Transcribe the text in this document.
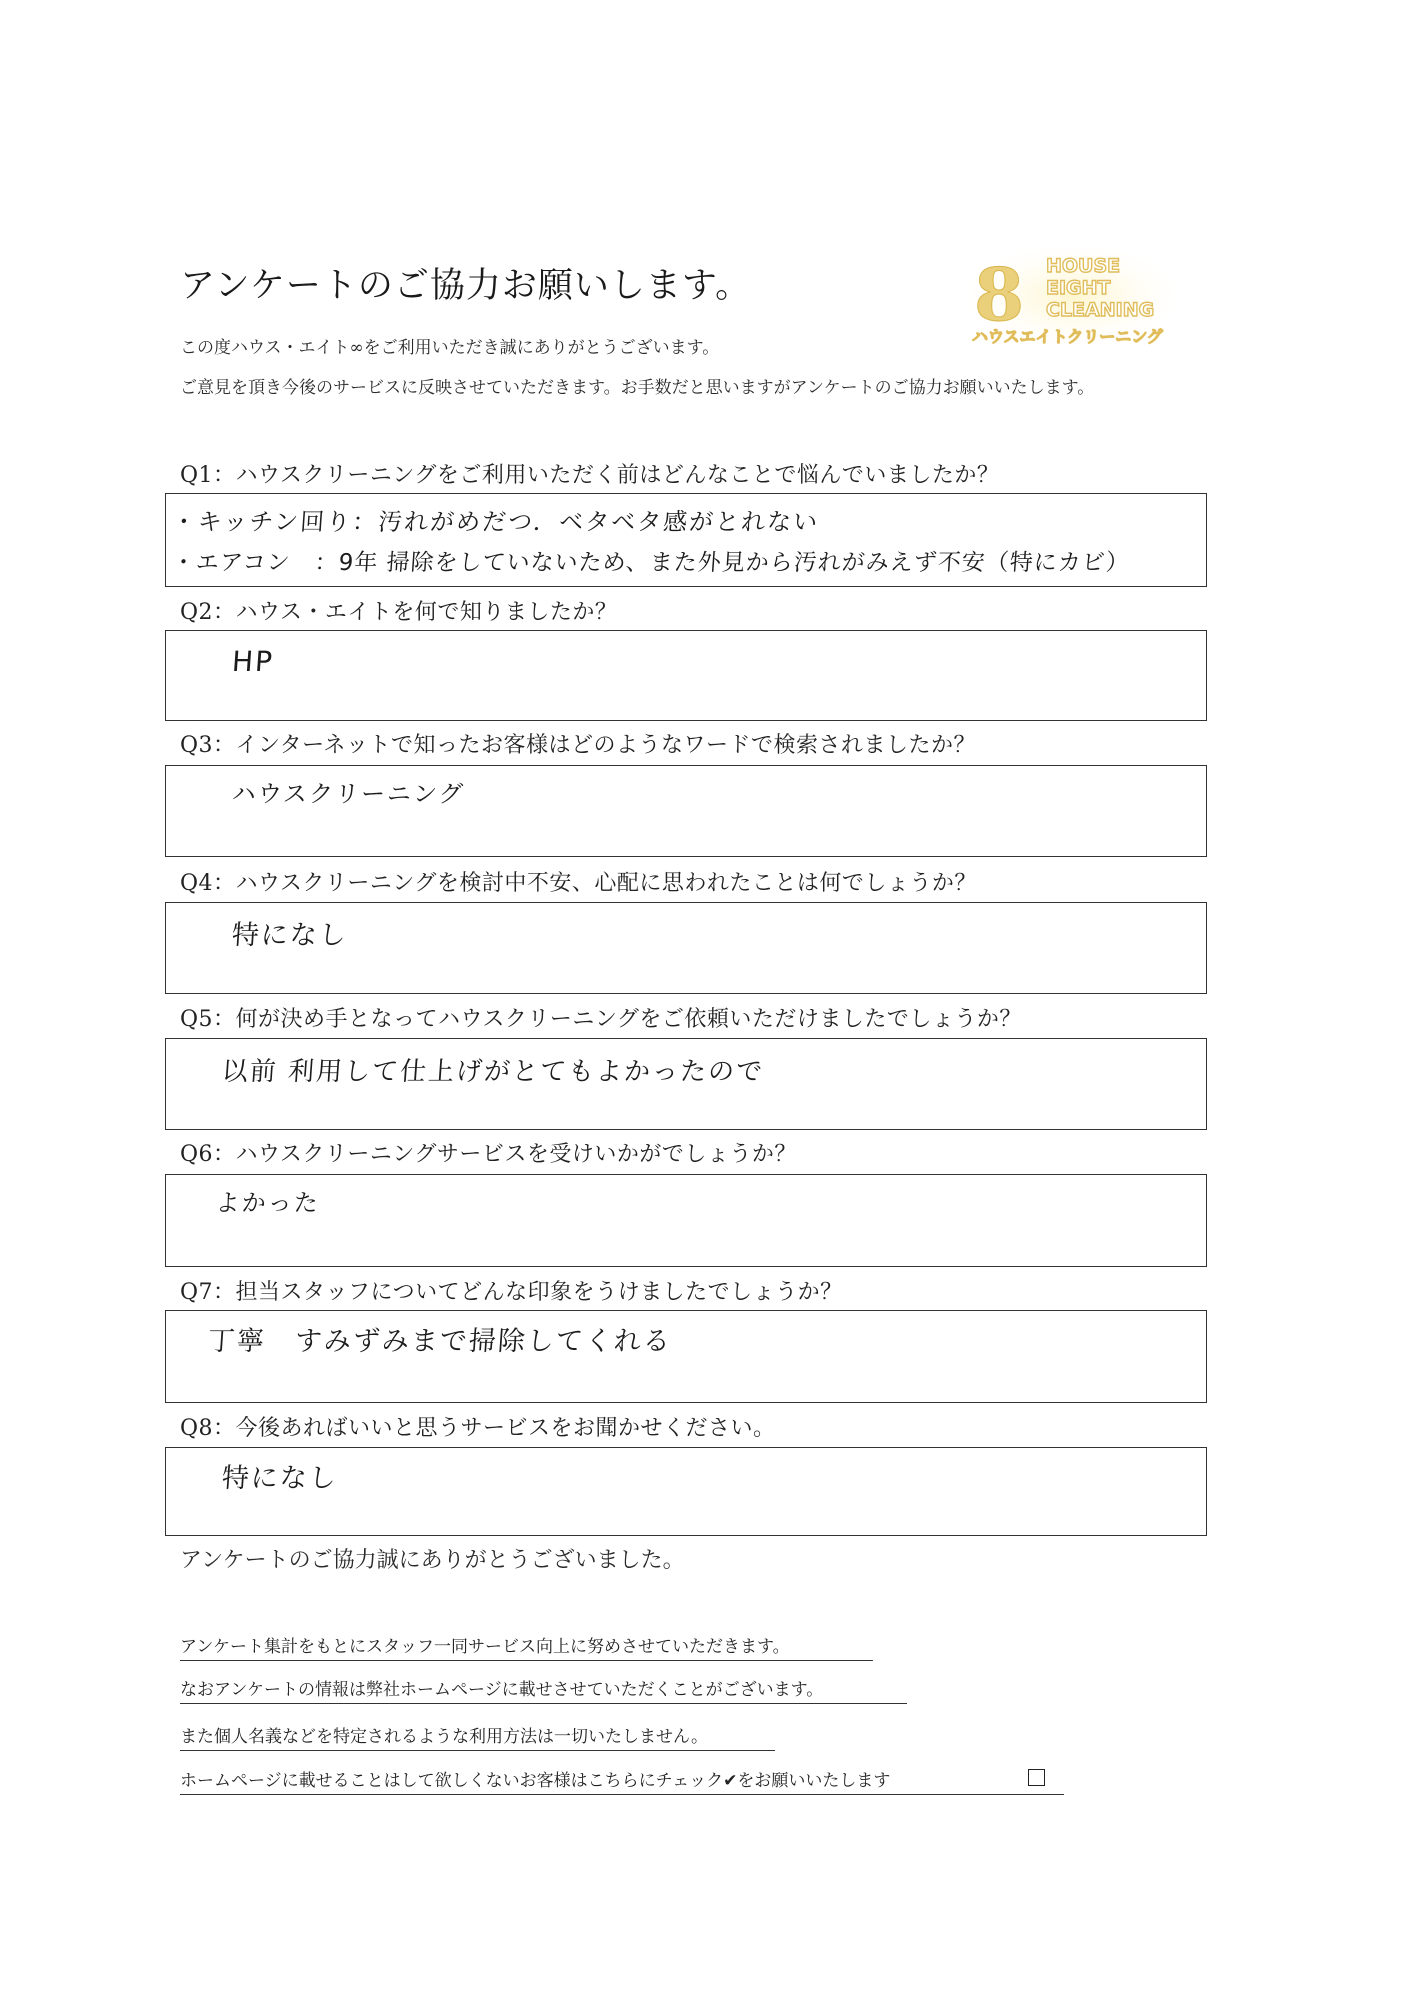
アンケートのご協力お願いします。
この度ハウス・エイト∞をご利用いただき誠にありがとうございます。
ご意見を頂き今後のサービスに反映させていただきます。お手数だと思いますがアンケートのご協力お願いいたします。
8 HOUSE
EIGHT
CLEANING
ハウスエイトクリーニング
Q1：ハウスクリーニングをご利用いただく前はどんなことで悩んでいましたか？
・キッチン回り：汚れがめだつ．ベタベタ感がとれない
・エアコン　：9年 掃除をしていないため、また外見から汚れがみえず不安（特にカビ）
Q2：ハウス・エイトを何で知りましたか？
HP
Q3：インターネットで知ったお客様はどのようなワードで検索されましたか？
ハウスクリーニング
Q4：ハウスクリーニングを検討中不安、心配に思われたことは何でしょうか？
特になし
Q5：何が決め手となってハウスクリーニングをご依頼いただけましたでしょうか？
以前 利用して仕上げがとてもよかったので
Q6：ハウスクリーニングサービスを受けいかがでしょうか？
よかった
Q7：担当スタッフについてどんな印象をうけましたでしょうか？
丁寧　すみずみまで掃除してくれる
Q8：今後あればいいと思うサービスをお聞かせください。
特になし
アンケートのご協力誠にありがとうございました。
アンケート集計をもとにスタッフ一同サービス向上に努めさせていただきます。
なおアンケートの情報は弊社ホームページに載せさせていただくことがございます。
また個人名義などを特定されるような利用方法は一切いたしません。
ホームページに載せることはして欲しくないお客様はこちらにチェック✔をお願いいたします
